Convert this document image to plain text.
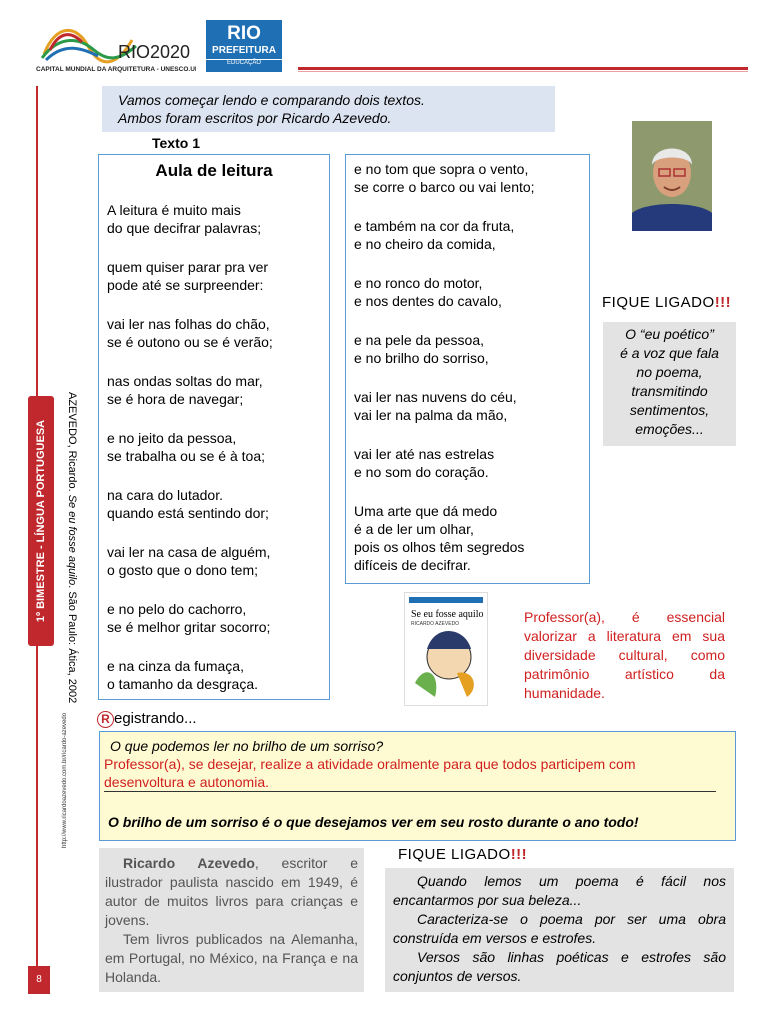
RIO2020
CAPITAL MUNDIAL DA ARQUITETURA - UNESCO.UIA
RIO
PREFEITURA
EDUCAÇÃO
1º BIMESTRE - LÍNGUA PORTUGUESA AZEVEDO, Ricardo. Se eu fosse aquilo. São Paulo: Ática, 2002
http://www.ricardoazevedo.com.br/ricardo-azevedo
8
Vamos começar lendo e comparando dois textos.
Ambos foram escritos por Ricardo Azevedo.
Texto 1
Aula de leitura
A leitura é muito mais
do que decifrar palavras;
quem quiser parar pra ver
pode até se surpreender:
vai ler nas folhas do chão,
se é outono ou se é verão;
nas ondas soltas do mar,
se é hora de navegar;
e no jeito da pessoa,
se trabalha ou se é à toa;
na cara do lutador.
quando está sentindo dor;
vai ler na casa de alguém,
o gosto que o dono tem;
e no pelo do cachorro,
se é melhor gritar socorro;
e na cinza da fumaça,
o tamanho da desgraça.
e no tom que sopra o vento,
se corre o barco ou vai lento;
e também na cor da fruta,
e no cheiro da comida,
e no ronco do motor,
e nos dentes do cavalo,
e na pele da pessoa,
e no brilho do sorriso,
vai ler nas nuvens do céu,
vai ler na palma da mão,
vai ler até nas estrelas
e no som do coração.
Uma arte que dá medo
é a de ler um olhar,
pois os olhos têm segredos
difíceis de decifrar.
FIQUE LIGADO!!!
O “eu poético”
é a voz que fala
no poema,
transmitindo
sentimentos,
emoções...
Se eu fosse aquilo
RICARDO AZEVEDO	Professor(a), é essencial valorizar a literatura em sua diversidade cultural, como patrimônio artístico da humanidade.
R egistrando...
O que podemos ler no brilho de um sorriso?
Professor(a), se desejar, realize a atividade oralmente para que todos participem com desenvoltura e autonomia.
O brilho de um sorriso é o que desejamos ver em seu rosto durante o ano todo!

Ricardo Azevedo, escritor e ilustrador paulista nascido em 1949, é autor de muitos livros para crianças e jovens.

Tem livros publicados na Alemanha, em Portugal, no México, na França e na Holanda.

FIQUE LIGADO!!!

Quando lemos um poema é fácil nos encantarmos por sua beleza...

Caracteriza-se o poema por ser uma obra construída em versos e estrofes.

Versos são linhas poéticas e estrofes são conjuntos de versos.
